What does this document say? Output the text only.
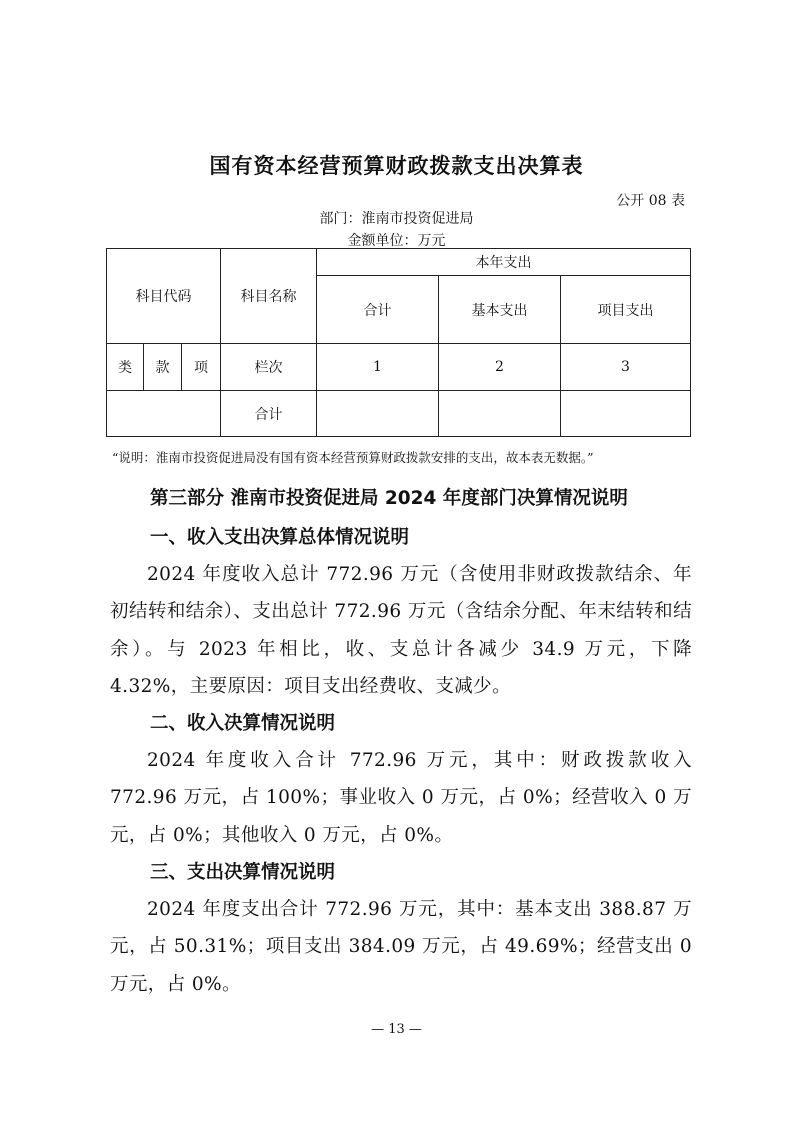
国有资本经营预算财政拨款支出决算表
公开 08 表
部门：淮南市投资促进局
金额单位：万元
科目代码			科目名称	本年支出		
				合计	基本支出	项目支出
类	款	项	栏次	1	2	3
			合计			
“说明：淮南市投资促进局没有国有资本经营预算财政拨款安排的支出，故本表无数据。”
第三部分 淮南市投资促进局 2024 年度部门决算情况说明
一、收入支出决算总体情况说明
2024 年度收入总计 772.96 万元（含使用非财政拨款结余、年初结转和结余）、支出总计 772.96 万元（含结余分配、年末结转和结余）。与 2023 年相比，收、支总计各减少 34.9 万元，下降 4.32%，主要原因：项目支出经费收、支减少。
二、收入决算情况说明
2024 年度收入合计 772.96 万元，其中：财政拨款收入 772.96 万元，占 100%；事业收入 0 万元，占 0%；经营收入 0 万元，占 0%；其他收入 0 万元，占 0%。
三、支出决算情况说明
2024 年度支出合计 772.96 万元，其中：基本支出 388.87 万元，占 50.31%；项目支出 384.09 万元，占 49.69%；经营支出 0 万元，占 0%。
— 13 —
